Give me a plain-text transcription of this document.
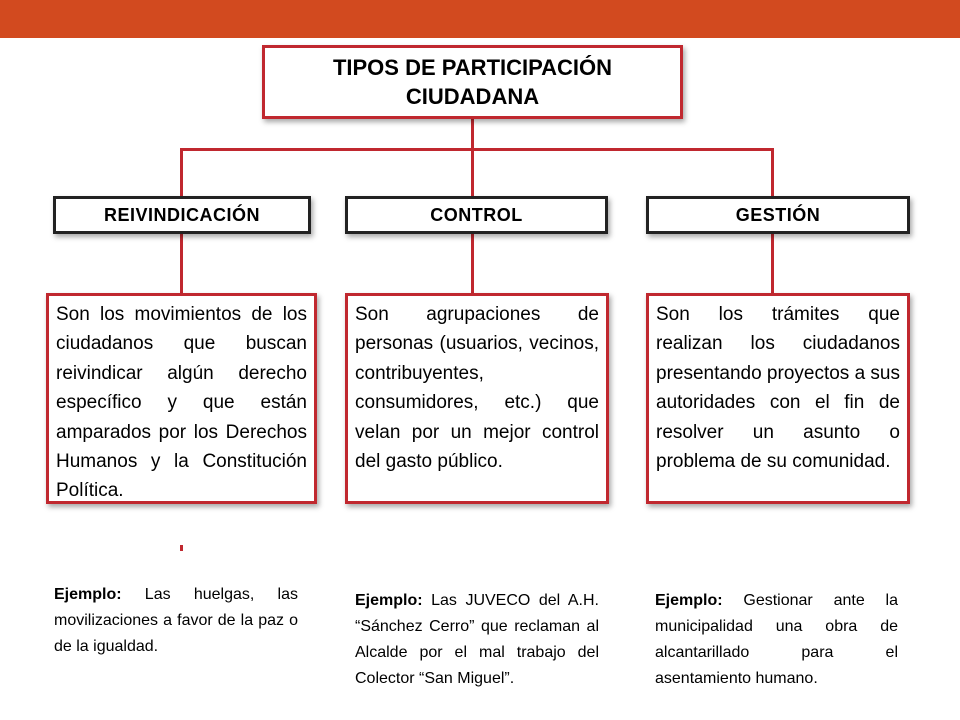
TIPOS DE PARTICIPACIÓN
CIUDADANA
REIVINDICACIÓN	CONTROL	GESTIÓN
Son los movimientos de los ciudadanos que buscan reivindicar algún derecho específico y que están amparados por los Derechos Humanos y la Constitución Política.
Son agrupaciones de personas (usuarios, vecinos, contribuyentes, consumidores, etc.) que velan por un mejor control del gasto público.
Son los trámites que realizan los ciudadanos presentando proyectos a sus autoridades con el fin de resolver un asunto o problema de su comunidad.
Ejemplo: Las huelgas, las movilizaciones a favor de la paz o de la igualdad.
Ejemplo: Las JUVECO del A.H. “Sánchez Cerro” que reclaman al Alcalde por el mal trabajo del Colector “San Miguel”.
Ejemplo: Gestionar ante la municipalidad una obra de alcantarillado para el asentamiento humano.
